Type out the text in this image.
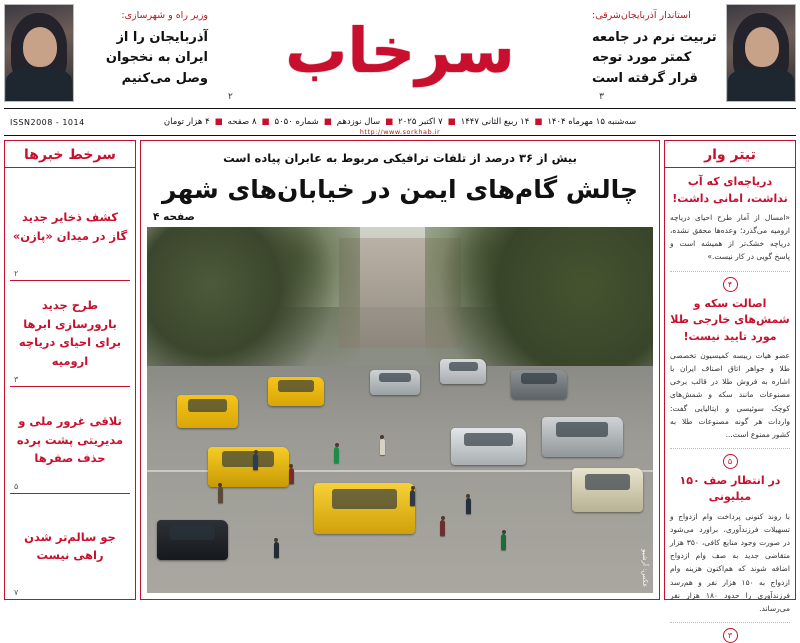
استاندار آذربایجان‌شرقی:
تربیت نرم در جامعه کمتر مورد توجه قرار گرفته است
سرخاب
وزیر راه و شهرسازی:
آذربایجان را از ایران به نخجوان وصل می‌کنیم
۳
۲
ISSN2008 - 1014	سه‌شنبه ۱۵ مهرماه ۱۴۰۴
■
۱۴ ربیع الثانی ۱۴۴۷
■
۷ اکتبر ۲۰۲۵
■
سال نوزدهم
■
شماره ۵۰۵۰
■
۸ صفحه
■
۴ هزار تومان
http://www.sorkhab.ir
تیتر وار
دریاچه‌ای که آب نداشت، امانی داشت!

«امسال از آمار طرح احیای دریاچه ارومیه می‌گذرد؛ وعده‌ها محقق نشده، دریاچه خشک‌تر از همیشه است و پاسخ گویی در کار نیست.»

۴
اصالت سکه و شمش‌های خارجی طلا مورد تایید نیست!

عضو هیات رییسه کمیسیون تخصصی طلا و جواهر اتاق اصناف ایران با اشاره به فروش طلا در قالب برخی مصنوعات مانند سکه و شمش‌های کوچک سوئیسی و ایتالیایی گفت: واردات هر گونه مصنوعات طلا به کشور ممنوع است...

۵
در انتظار صف ۱۵۰ میلیونی

با روند کنونی پرداخت وام ازدواج و تسهیلات فرزندآوری، براورد می‌شود در صورت وجود منابع کافی، ۳۵۰ هزار متقاضی جدید به صف وام ازدواج اضافه شوند که هم‌اکنون هزینه وام ازدواج به ۱۵۰ هزار نفر و هم‌رسد فرزندآوری را حدود ۱۸۰ هزار نفر می‌رساند.

۳
بیش از ۳۶ درصد از تلفات ترافیکی مربوط به عابران پیاده است
چالش گام‌های ایمن در خیابان‌های شهر
صفحه ۴
عکس: آرشیو
سرخط خبرها
کشف ذخایر جدید گاز در میدان «پازن»
۲
طرح جدید بارورسازی ابرها برای احیای دریاچه ارومیه
۳
تلاقی غرور ملی و مدیریتی پشت پرده حذف صفرها
۵
جو سالم‌تر شدن راهی نیست
۷
